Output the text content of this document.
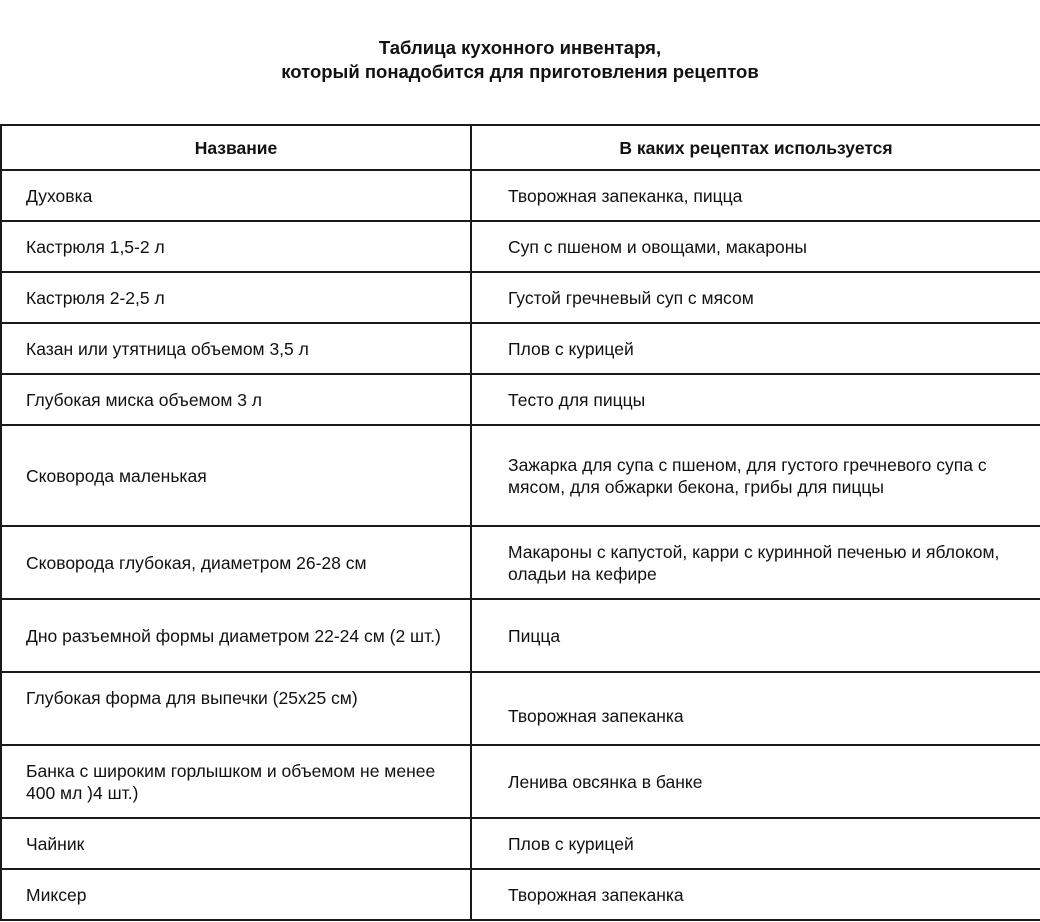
Таблица кухонного инвентаря,
который понадобится для приготовления рецептов
Название	В каких рецептах используется
Духовка	Творожная запеканка, пицца
Кастрюля 1,5-2 л	Суп с пшеном и овощами, макароны
Кастрюля 2-2,5 л	Густой гречневый суп с мясом
Казан или утятница объемом 3,5 л	Плов с курицей
Глубокая миска объемом 3 л	Тесто для пиццы
Сковорода маленькая	Зажарка для супа с пшеном, для густого гречневого супа с мясом, для обжарки бекона, грибы для пиццы
Сковорода глубокая, диаметром 26-28 см	Макароны с капустой, карри с куринной печенью и яблоком, оладьи на кефире
Дно разъемной формы диаметром 22-24 см (2 шт.)	Пицца
Глубокая форма для выпечки (25x25 см)	Творожная запеканка
Банка с широким горлышком и объемом не менее 400 мл )4 шт.)	Ленива овсянка в банке
Чайник	Плов с курицей
Миксер	Творожная запеканка
